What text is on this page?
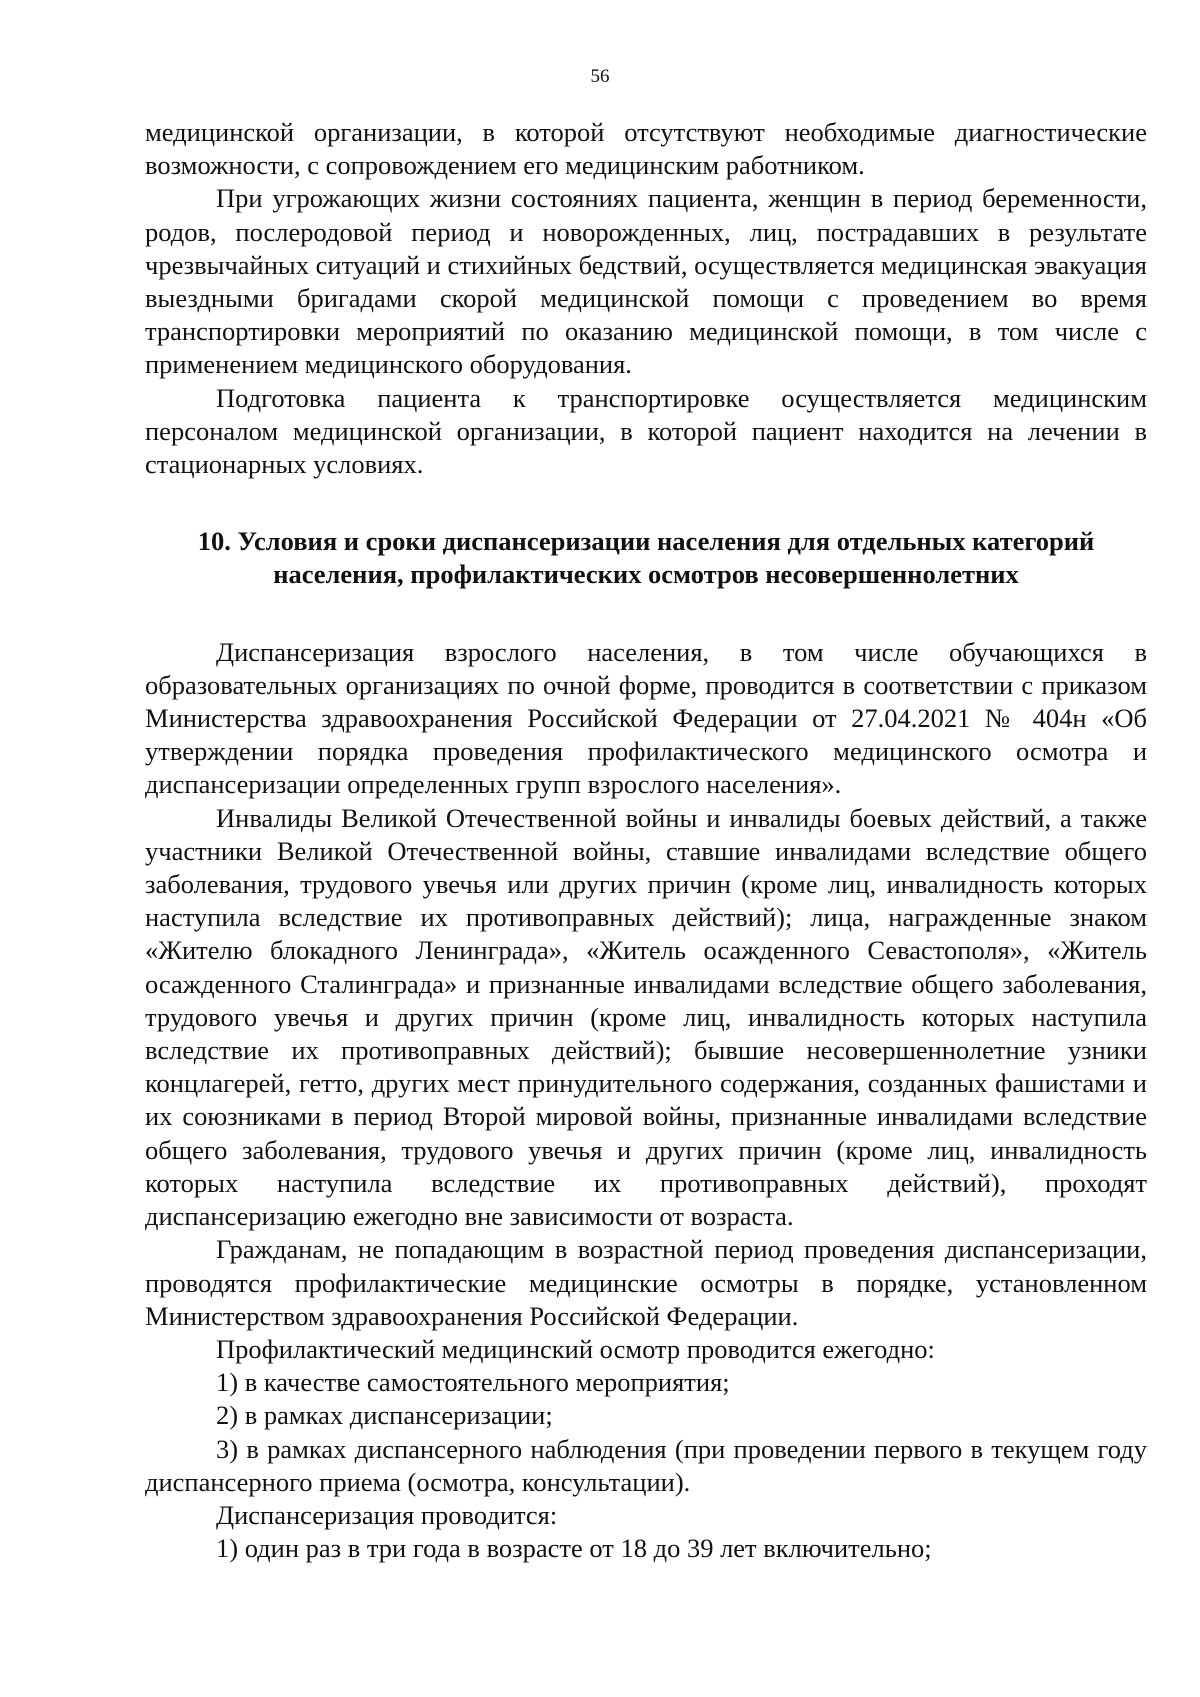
56

медицинской организации, в которой отсутствуют необходимые диагностические возможности, с сопровождением его медицинским работником.

При угрожающих жизни состояниях пациента, женщин в период беременности, родов, послеродовой период и новорожденных, лиц, пострадавших в результате чрезвычайных ситуаций и стихийных бедствий, осуществляется медицинская эвакуация выездными бригадами скорой медицинской помощи с проведением во время транспортировки мероприятий по оказанию медицинской помощи, в том числе с применением медицинского оборудования.

Подготовка пациента к транспортировке осуществляется медицинским персоналом медицинской организации, в которой пациент находится на лечении в стационарных условиях.

10. Условия и сроки диспансеризации населения для отдельных категорий населения, профилактических осмотров несовершеннолетних

Диспансеризация взрослого населения, в том числе обучающихся в образовательных организациях по очной форме, проводится в соответствии с приказом Министерства здравоохранения Российской Федерации от 27.04.2021 № 404н «Об утверждении порядка проведения профилактического медицинского осмотра и диспансеризации определенных групп взрослого населения».

Инвалиды Великой Отечественной войны и инвалиды боевых действий, а также участники Великой Отечественной войны, ставшие инвалидами вследствие общего заболевания, трудового увечья или других причин (кроме лиц, инвалидность которых наступила вследствие их противоправных действий); лица, награжденные знаком «Жителю блокадного Ленинграда», «Житель осажденного Севастополя», «Житель осажденного Сталинграда» и признанные инвалидами вследствие общего заболевания, трудового увечья и других причин (кроме лиц, инвалидность которых наступила вследствие их противоправных действий); бывшие несовершеннолетние узники концлагерей, гетто, других мест принудительного содержания, созданных фашистами и их союзниками в период Второй мировой войны, признанные инвалидами вследствие общего заболевания, трудового увечья и других причин (кроме лиц, инвалидность которых наступила вследствие их противоправных действий), проходят диспансеризацию ежегодно вне зависимости от возраста.

Гражданам, не попадающим в возрастной период проведения диспансеризации, проводятся профилактические медицинские осмотры в порядке, установленном Министерством здравоохранения Российской Федерации.

Профилактический медицинский осмотр проводится ежегодно:

1) в качестве самостоятельного мероприятия;

2) в рамках диспансеризации;

3) в рамках диспансерного наблюдения (при проведении первого в текущем году диспансерного приема (осмотра, консультации).

Диспансеризация проводится:

1) один раз в три года в возрасте от 18 до 39 лет включительно;
